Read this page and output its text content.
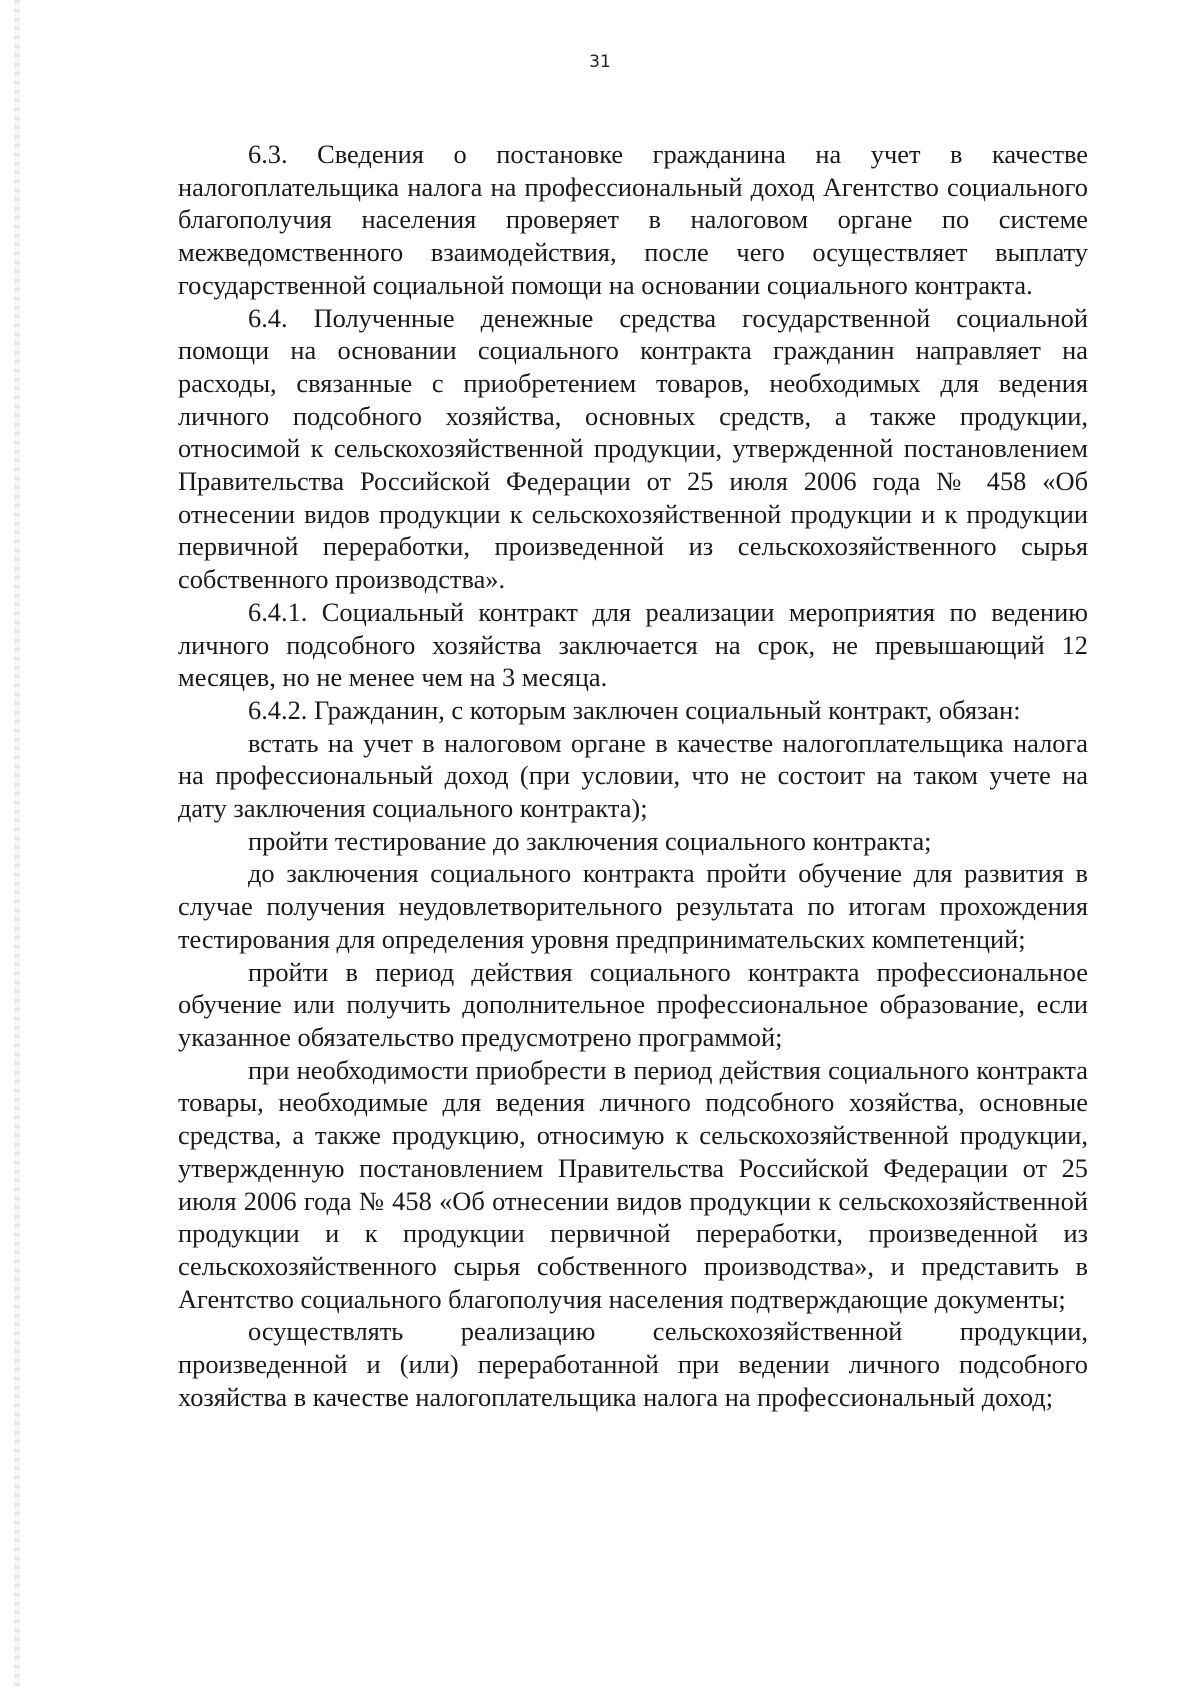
31

6.3. Сведения о постановке гражданина на учет в качестве налогоплательщика налога на профессиональный доход Агентство социального благополучия населения проверяет в налоговом органе по системе межведомственного взаимодействия, после чего осуществляет выплату государственной социальной помощи на основании социального контракта.

6.4. Полученные денежные средства государственной социальной помощи на основании социального контракта гражданин направляет на расходы, связанные с приобретением товаров, необходимых для ведения личного подсобного хозяйства, основных средств, а также продукции, относимой к сельскохозяйственной продукции, утвержденной постановлением Правительства Российской Федерации от 25 июля 2006 года № 458 «Об отнесении видов продукции к сельскохозяйственной продукции и к продукции первичной переработки, произведенной из сельскохозяйственного сырья собственного производства».

6.4.1. Социальный контракт для реализации мероприятия по ведению личного подсобного хозяйства заключается на срок, не превышающий 12 месяцев, но не менее чем на 3 месяца.

6.4.2. Гражданин, с которым заключен социальный контракт, обязан:

встать на учет в налоговом органе в качестве налогоплательщика налога на профессиональный доход (при условии, что не состоит на таком учете на дату заключения социального контракта);

пройти тестирование до заключения социального контракта;

до заключения социального контракта пройти обучение для развития в случае получения неудовлетворительного результата по итогам прохождения тестирования для определения уровня предпринимательских компетенций;

пройти в период действия социального контракта профессиональное обучение или получить дополнительное профессиональное образование, если указанное обязательство предусмотрено программой;

при необходимости приобрести в период действия социального контракта товары, необходимые для ведения личного подсобного хозяйства, основные средства, а также продукцию, относимую к сельскохозяйственной продукции, утвержденную постановлением Правительства Российской Федерации от 25 июля 2006 года № 458 «Об отнесении видов продукции к сельскохозяйственной продукции и к продукции первичной переработки, произведенной из сельскохозяйственного сырья собственного производства», и представить в Агентство социального благополучия населения подтверждающие документы;

осуществлять реализацию сельскохозяйственной продукции, произведенной и (или) переработанной при ведении личного подсобного хозяйства в качестве налогоплательщика налога на профессиональный доход;
